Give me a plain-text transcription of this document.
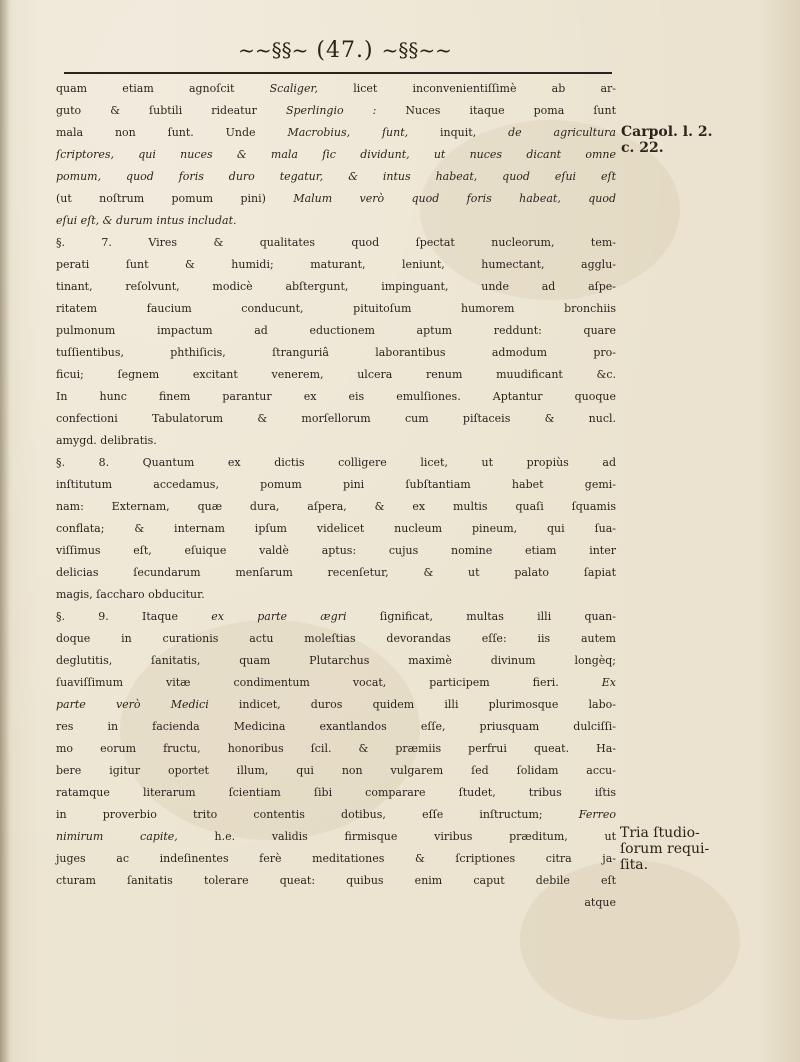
~~§§~ (47.) ~§§~~
quam etiam agnoſcit Scaliger, licet inconvenientiſſimè ab ar-
guto & ſubtili rideatur Sperlingio : Nuces itaque poma ſunt
mala non ſunt. Unde Macrobius, ſunt, inquit, de agricultura
ſcriptores, qui nuces & mala ſic dividunt, ut nuces dicant omne
pomum, quod foris duro tegatur, & intus habeat, quod eſui eſt
(ut noſtrum pomum pini) Malum verò quod foris habeat, quod
eſui eſt, & durum intus includat.
§. 7. Vires & qualitates quod ſpectat nucleorum, tem-
perati ſunt & humidi; maturant, leniunt, humectant, agglu-
tinant, reſolvunt, modicè abſtergunt, impinguant, unde ad aſpe-
ritatem faucium conducunt, pituitoſum humorem bronchiis
pulmonum impactum ad eductionem aptum reddunt: quare
tuſſientibus, phthiſicis, ſtranguriâ laborantibus admodum pro-
ficui; ſegnem excitant venerem, ulcera renum muudificant &c.
In hunc finem parantur ex eis emulſiones. Aptantur quoque
confectioni Tabulatorum & morſellorum cum piſtaceis & nucl.
amygd. delibratis.
§. 8. Quantum ex dictis colligere licet, ut propiùs ad
inſtitutum accedamus, pomum pini ſubſtantiam habet gemi-
nam: Externam, quæ dura, aſpera, & ex multis quaſi ſquamis
conflata; & internam ipſum videlicet nucleum pineum, qui ſua-
viſſimus eſt, eſuique valdè aptus: cujus nomine etiam inter
delicias ſecundarum menſarum recenſetur, & ut palato ſapiat
magis, ſaccharo obducitur.
§. 9. Itaque ex parte ægri ſignificat, multas illi quan-
doque in curationis actu moleſtias devorandas eſſe: iis autem
deglutitis, ſanitatis, quam Plutarchus maximè divinum longèq;
ſuaviſſimum vitæ condimentum vocat, participem fieri. Ex
parte verò Medici indicet, duros quidem illi plurimosque labo-
res in facienda Medicina exantlandos eſſe, priusquam dulciſſi-
mo eorum fructu, honoribus ſcil. & præmiis perfrui queat. Ha-
bere igitur oportet illum, qui non vulgarem ſed ſolidam accu-
ratamque literarum ſcientiam ſibi comparare ſtudet, tribus iſtis
in proverbio trito contentis dotibus, eſſe inſtructum; Ferreo
nimirum capite, h.e. validis firmisque viribus præditum, ut
juges ac indeſinentes ferè meditationes & ſcriptiones citra ja-
cturam ſanitatis tolerare queat: quibus enim caput debile eſt
atque
Carpol. l. 2.
c. 22.
Tria ſtudio-
ſorum requi-
ſita.
